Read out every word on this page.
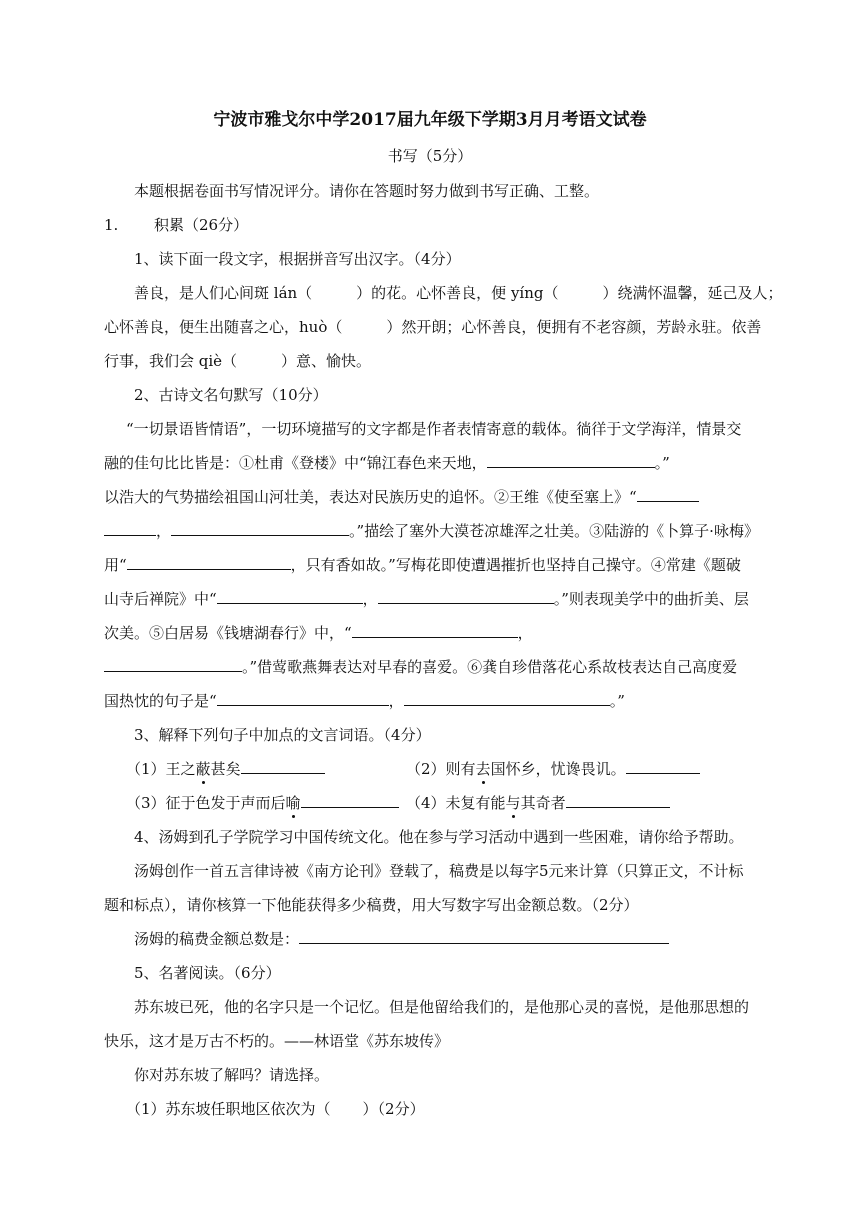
宁波市雅戈尔中学2017届九年级下学期3月月考语文试卷
书写（5分）
本题根据卷面书写情况评分。请你在答题时努力做到书写正确、工整。
1. 积累（26分）
1、读下面一段文字，根据拼音写出汉字。（4分）
善良，是人们心间斑 lán（	）的花。心怀善良，便 yíng（	）绕满怀温馨，延己及人；
心怀善良，便生出随喜之心，huò（	）然开朗；心怀善良，便拥有不老容颜，芳龄永驻。依善
行事，我们会 qiè（	）意、愉快。
2、古诗文名句默写（10分）
“一切景语皆情语”，一切环境描写的文字都是作者表情寄意的载体。徜徉于文学海洋，情景交
融的佳句比比皆是：①杜甫《登楼》中“锦江春色来天地，	。”
以浩大的气势描绘祖国山河壮美，表达对民族历史的追怀。②王维《使至塞上》“
，	。”描绘了塞外大漠苍凉雄浑之壮美。③陆游的《卜算子·咏梅》
用“	，只有香如故。”写梅花即使遭遇摧折也坚持自己操守。④常建《题破
山寺后禅院》中“	，	。”则表现美学中的曲折美、层
次美。⑤白居易《钱塘湖春行》中，“	，
。”借莺歌燕舞表达对早春的喜爱。⑥龚自珍借落花心系故枝表达自己高度爱
国热忱的句子是“	，	。”
3、解释下列句子中加点的文言词语。（4分）
（1）王之蔽甚矣	（2）则有去国怀乡，忧谗畏讥。
（3）征于色发于声而后喻	（4）未复有能与其奇者
4、汤姆到孔子学院学习中国传统文化。他在参与学习活动中遇到一些困难，请你给予帮助。
汤姆创作一首五言律诗被《南方论刊》登载了，稿费是以每字5元来计算（只算正文，不计标
题和标点），请你核算一下他能获得多少稿费，用大写数字写出金额总数。（2分）
汤姆的稿费金额总数是：
5、名著阅读。（6分）
苏东坡已死，他的名字只是一个记忆。但是他留给我们的，是他那心灵的喜悦，是他那思想的
快乐，这才是万古不朽的。——林语堂《苏东坡传》
你对苏东坡了解吗？请选择。
（1）苏东坡任职地区依次为（ ）（2分）
